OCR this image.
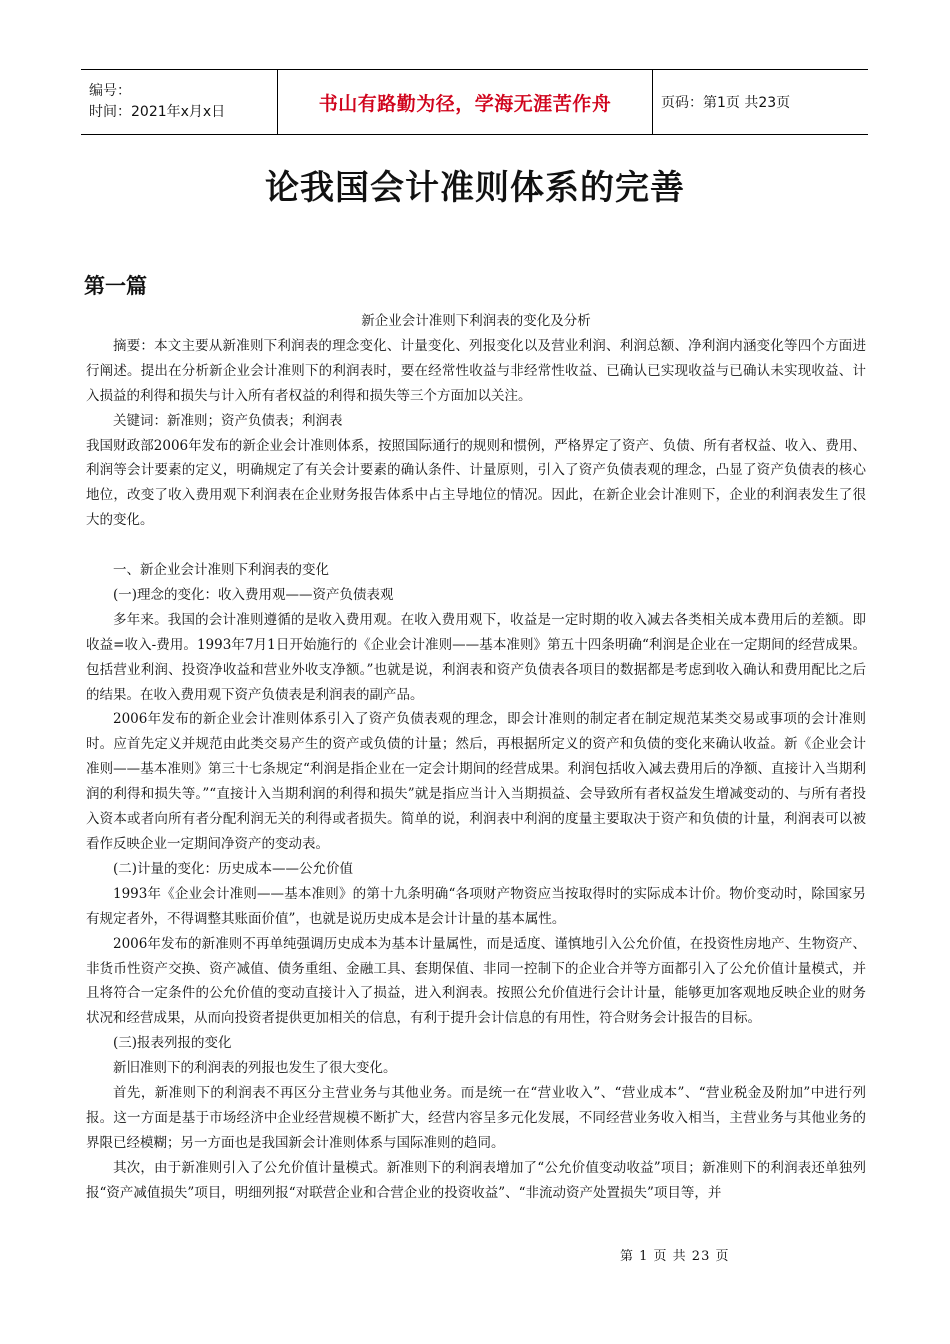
编号：
时间：2021年x月x日	书山有路勤为径，学海无涯苦作舟	页码：第1页 共23页
论我国会计准则体系的完善
第一篇

新企业会计准则下利润表的变化及分析

摘要：本文主要从新准则下利润表的理念变化、计量变化、列报变化以及营业利润、利润总额、净利润内涵变化等四个方面进行阐述。提出在分析新企业会计准则下的利润表时，要在经常性收益与非经常性收益、已确认已实现收益与已确认未实现收益、计入损益的利得和损失与计入所有者权益的利得和损失等三个方面加以关注。

关键词：新准则；资产负债表；利润表

我国财政部2006年发布的新企业会计准则体系，按照国际通行的规则和惯例，严格界定了资产、负债、所有者权益、收入、费用、利润等会计要素的定义，明确规定了有关会计要素的确认条件、计量原则，引入了资产负债表观的理念，凸显了资产负债表的核心地位，改变了收入费用观下利润表在企业财务报告体系中占主导地位的情况。因此，在新企业会计准则下，企业的利润表发生了很大的变化。

一、新企业会计准则下利润表的变化

(一)理念的变化：收入费用观——资产负债表观

多年来。我国的会计准则遵循的是收入费用观。在收入费用观下，收益是一定时期的收入减去各类相关成本费用后的差额。即收益=收入-费用。1993年7月1日开始施行的《企业会计准则——基本准则》第五十四条明确“利润是企业在一定期间的经营成果。包括营业利润、投资净收益和营业外收支净额。”也就是说，利润表和资产负债表各项目的数据都是考虑到收入确认和费用配比之后的结果。在收入费用观下资产负债表是利润表的副产品。

2006年发布的新企业会计准则体系引入了资产负债表观的理念，即会计准则的制定者在制定规范某类交易或事项的会计准则时。应首先定义并规范由此类交易产生的资产或负债的计量；然后，再根据所定义的资产和负债的变化来确认收益。新《企业会计准则——基本准则》第三十七条规定“利润是指企业在一定会计期间的经营成果。利润包括收入减去费用后的净额、直接计入当期利润的利得和损失等。”“直接计入当期利润的利得和损失”就是指应当计入当期损益、会导致所有者权益发生增减变动的、与所有者投入资本或者向所有者分配利润无关的利得或者损失。简单的说，利润表中利润的度量主要取决于资产和负债的计量，利润表可以被看作反映企业一定期间净资产的变动表。

(二)计量的变化：历史成本——公允价值

1993年《企业会计准则——基本准则》的第十九条明确“各项财产物资应当按取得时的实际成本计价。物价变动时，除国家另有规定者外，不得调整其账面价值”，也就是说历史成本是会计计量的基本属性。

2006年发布的新准则不再单纯强调历史成本为基本计量属性，而是适度、谨慎地引入公允价值，在投资性房地产、生物资产、非货币性资产交换、资产减值、债务重组、金融工具、套期保值、非同一控制下的企业合并等方面都引入了公允价值计量模式，并且将符合一定条件的公允价值的变动直接计入了损益，进入利润表。按照公允价值进行会计计量，能够更加客观地反映企业的财务状况和经营成果，从而向投资者提供更加相关的信息，有利于提升会计信息的有用性，符合财务会计报告的目标。

(三)报表列报的变化

新旧准则下的利润表的列报也发生了很大变化。

首先，新准则下的利润表不再区分主营业务与其他业务。而是统一在“营业收入”、“营业成本”、“营业税金及附加”中进行列报。这一方面是基于市场经济中企业经营规模不断扩大，经营内容呈多元化发展，不同经营业务收入相当，主营业务与其他业务的界限已经模糊；另一方面也是我国新会计准则体系与国际准则的趋同。

其次，由于新准则引入了公允价值计量模式。新准则下的利润表增加了“公允价值变动收益”项目；新准则下的利润表还单独列报“资产减值损失”项目，明细列报“对联营企业和合营企业的投资收益”、“非流动资产处置损失”项目等，并

第 1 页 共 23 页
